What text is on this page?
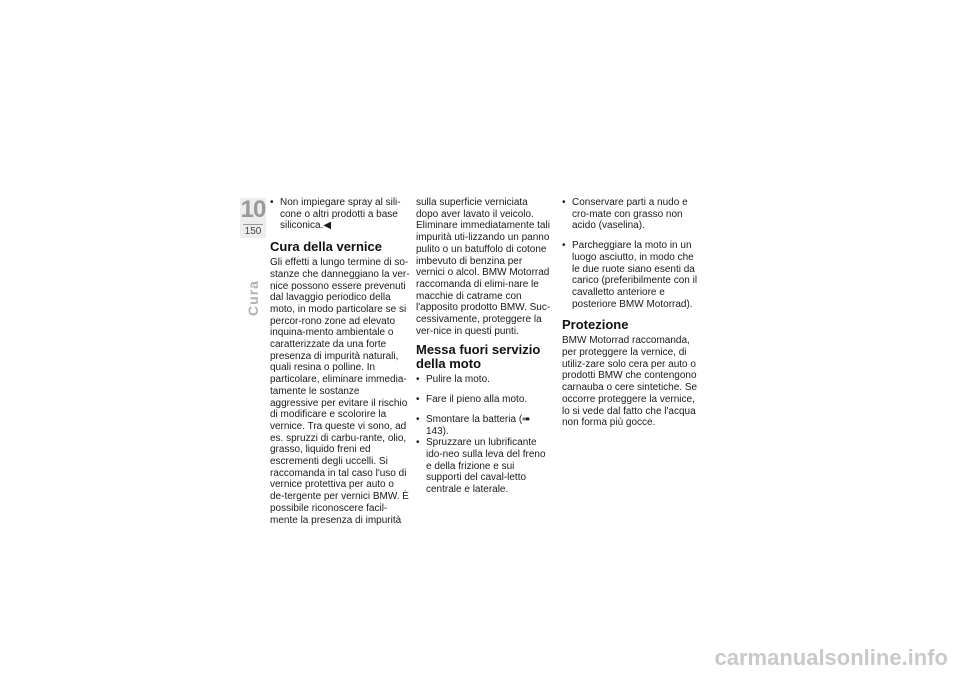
10
150
Cura
• Non impiegare spray al sili-cone o altri prodotti a base siliconica.◀
Cura della vernice

Gli effetti a lungo termine di so-stanze che danneggiano la ver-nice possono essere prevenuti dal lavaggio periodico della moto, in modo particolare se si percor-rono zone ad elevato inquina-mento ambientale o caratterizzate da una forte presenza di impurità naturali, quali resina o polline. In particolare, eliminare immedia-tamente le sostanze aggressive per evitare il rischio di modificare e scolorire la vernice. Tra queste vi sono, ad es. spruzzi di carbu-rante, olio, grasso, liquido freni ed escrementi degli uccelli. Si raccomanda in tal caso l'uso di vernice protettiva per auto o de-tergente per vernici BMW. È possibile riconoscere facil-mente la presenza di impurità

sulla superficie verniciata dopo aver lavato il veicolo. Eliminare immediatamente tali impurità uti-lizzando un panno pulito o un batuffolo di cotone imbevuto di benzina per vernici o alcol. BMW Motorrad raccomanda di elimi-nare le macchie di catrame con l'apposito prodotto BMW. Suc-cessivamente, proteggere la ver-nice in questi punti.

Messa fuori servizio della moto
• Pulire la moto.
• Fare il pieno alla moto.
• Smontare la batteria (➠ 143).
• Spruzzare un lubrificante ido-neo sulla leva del freno e della frizione e sui supporti del caval-letto centrale e laterale.
• Conservare parti a nudo e cro-mate con grasso non acido (vaselina).
• Parcheggiare la moto in un luogo asciutto, in modo che le due ruote siano esenti da carico (preferibilmente con il cavalletto anteriore e posteriore BMW Motorrad).
Protezione

BMW Motorrad raccomanda, per proteggere la vernice, di utiliz-zare solo cera per auto o prodotti BMW che contengono carnauba o cere sintetiche. Se occorre proteggere la vernice, lo si vede dal fatto che l'acqua non forma più gocce.

carmanualsonline.info
